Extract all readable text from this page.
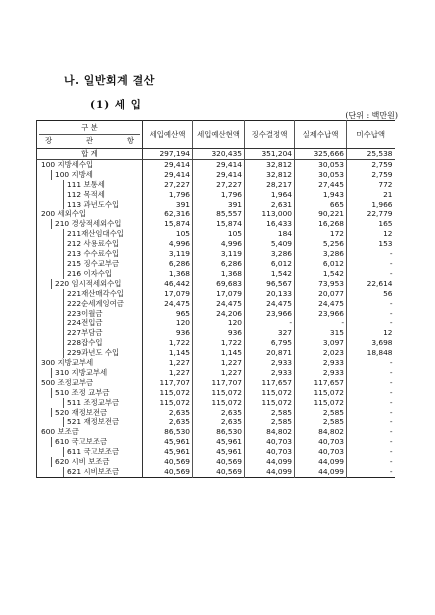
나. 일반회계 결산
(1) 세 입
(단위 : 백만원)
구 분
장 관 항	세입예산액	세입예산현액	징수결정액	실제수납액	미수납액

합 계	297,194	320,435	351,204	325,666	25,538
100 지방세수입	29,414	29,414	32,812	30,053	2,759

100 지방세	29,414	29,414	32,812	30,053	2,759

111 보통세	27,227	27,227	28,217	27,445	772

112 목적세	1,796	1,796	1,964	1,943	21

113 과년도수입	391	391	2,631	665	1,966
200 세외수입	62,316	85,557	113,000	90,221	22,779

210 경상적세외수입	15,874	15,874	16,433	16,268	165

211재산임대수입	105	105	184	172	12

212 사용료수입	4,996	4,996	5,409	5,256	153

213 수수료수입	3,119	3,119	3,286	3,286	-

215 징수교부금	6,286	6,286	6,012	6,012	-

216 이자수입	1,368	1,368	1,542	1,542	-

220 임시적세외수입	46,442	69,683	96,567	73,953	22,614

221재산매각수입	17,079	17,079	20,133	20,077	56

222순세계잉여금	24,475	24,475	24,475	24,475	-

223이월금	965	24,206	23,966	23,966	-

224전입금	120	120	-	-	-

227부담금	936	936	327	315	12

228잡수입	1,722	1,722	6,795	3,097	3,698

229과년도 수입	1,145	1,145	20,871	2,023	18,848
300 지방교부세	1,227	1,227	2,933	2,933	-

310 지방교부세	1,227	1,227	2,933	2,933	-
500 조정교부금	117,707	117,707	117,657	117,657	-

510 조정 교부금	115,072	115,072	115,072	115,072	-

511 조정교부금	115,072	115,072	115,072	115,072	-

520 재정보전금	2,635	2,635	2,585	2,585	-

521 재정보전금	2,635	2,635	2,585	2,585	-
600 보조금	86,530	86,530	84,802	84,802	-

610 국고보조금	45,961	45,961	40,703	40,703	-

611 국고보조금	45,961	45,961	40,703	40,703	-

620 시비 보조금	40,569	40,569	44,099	44,099	-

621 시비보조금	40,569	40,569	44,099	44,099	-
